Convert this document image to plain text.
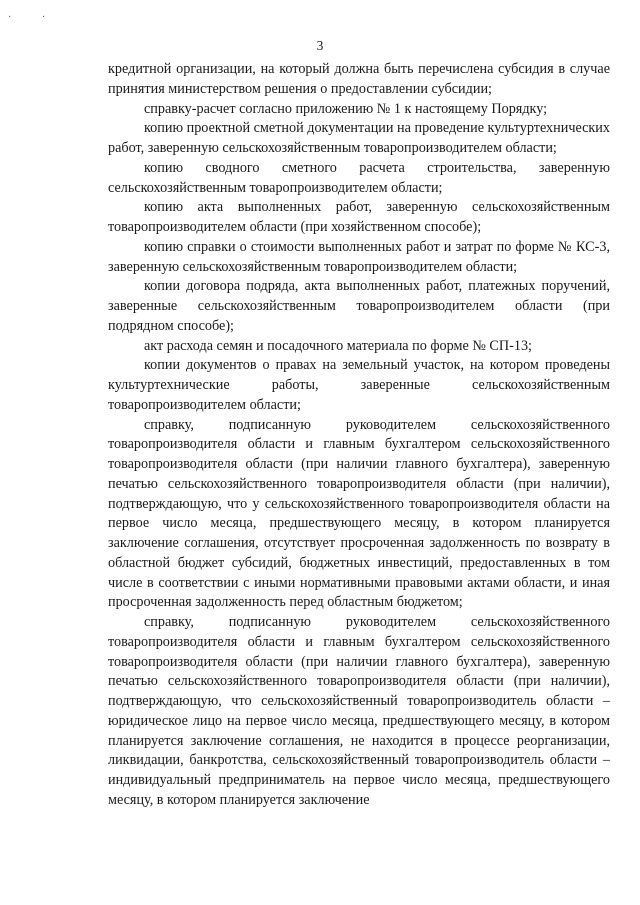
· ·
3

кредитной организации, на который должна быть перечислена субсидия в случае принятия министерством решения о предоставлении субсидии;

справку-расчет согласно приложению № 1 к настоящему Порядку;

копию проектной сметной документации на проведение культуртехнических работ, заверенную сельскохозяйственным товаропроизводителем области;

копию сводного сметного расчета строительства, заверенную сельскохозяйственным товаропроизводителем области;

копию акта выполненных работ, заверенную сельскохозяйственным товаропроизводителем области (при хозяйственном способе);

копию справки о стоимости выполненных работ и затрат по форме № КС-3, заверенную сельскохозяйственным товаропроизводителем области;

копии договора подряда, акта выполненных работ, платежных поручений, заверенные сельскохозяйственным товаропроизводителем области (при подрядном способе);

акт расхода семян и посадочного материала по форме № СП-13;

копии документов о правах на земельный участок, на котором проведены культуртехнические работы, заверенные сельскохозяйственным товаропроизводителем области;

справку, подписанную руководителем сельскохозяйственного товаропроизводителя области и главным бухгалтером сельскохозяйственного товаропроизводителя области (при наличии главного бухгалтера), заверенную печатью сельскохозяйственного товаропроизводителя области (при наличии), подтверждающую, что у сельскохозяйственного товаропроизводителя области на первое число месяца, предшествующего месяцу, в котором планируется заключение соглашения, отсутствует просроченная задолженность по возврату в областной бюджет субсидий, бюджетных инвестиций, предоставленных в том числе в соответствии с иными нормативными правовыми актами области, и иная просроченная задолженность перед областным бюджетом;

справку, подписанную руководителем сельскохозяйственного товаропроизводителя области и главным бухгалтером сельскохозяйственного товаропроизводителя области (при наличии главного бухгалтера), заверенную печатью сельскохозяйственного товаропроизводителя области (при наличии), подтверждающую, что сельскохозяйственный товаропроизводитель области – юридическое лицо на первое число месяца, предшествующего месяцу, в котором планируется заключение соглашения, не находится в процессе реорганизации, ликвидации, банкротства, сельскохозяйственный товаропроизводитель области – индивидуальный предприниматель на первое число месяца, предшествующего месяцу, в котором планируется заключение
